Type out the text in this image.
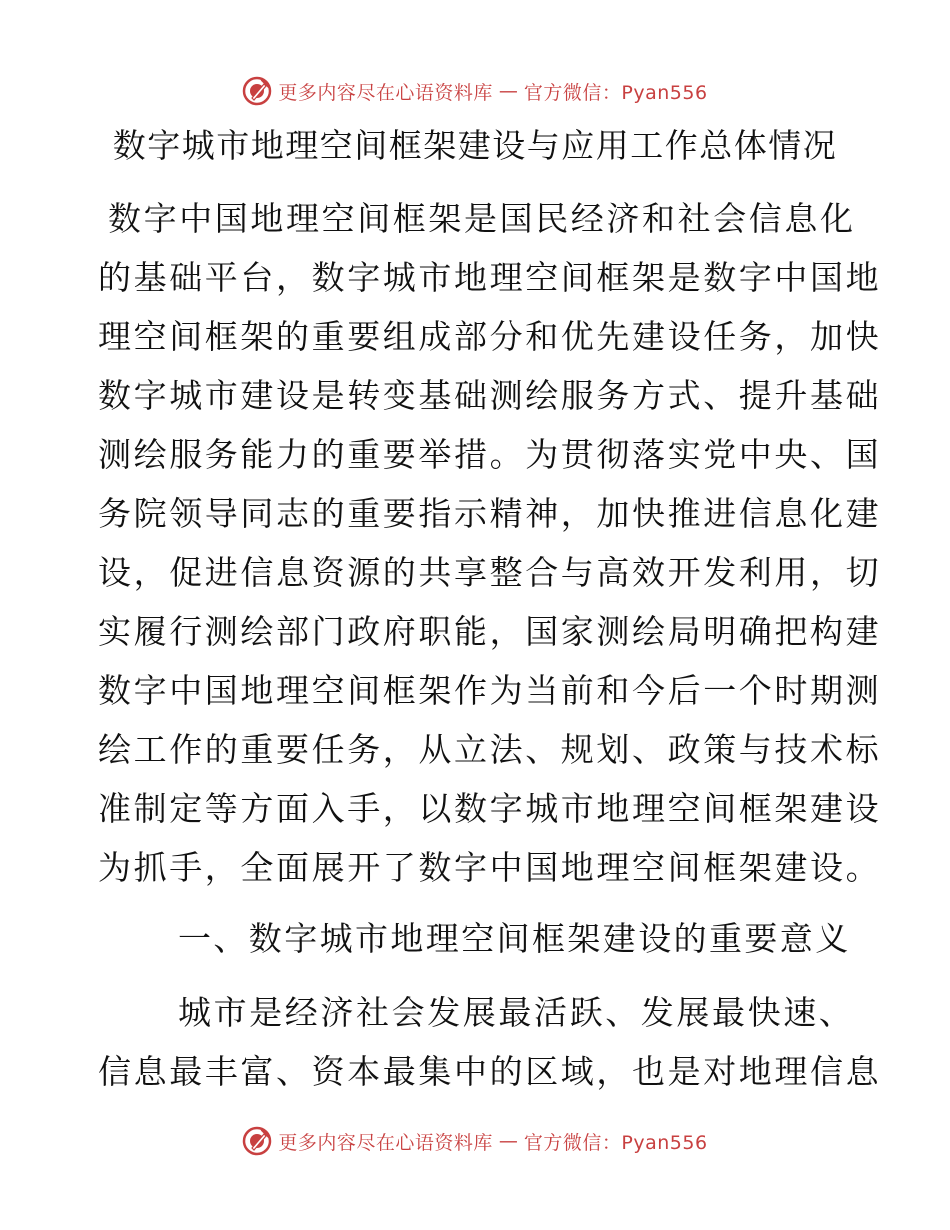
更多内容尽在心语资料库 — 官方微信：Pyan556
数字城市地理空间框架建设与应用工作总体情况

数字中国地理空间框架是国民经济和社会信息化

的基础平台，数字城市地理空间框架是数字中国地

理空间框架的重要组成部分和优先建设任务，加快

数字城市建设是转变基础测绘服务方式、提升基础

测绘服务能力的重要举措。为贯彻落实党中央、国

务院领导同志的重要指示精神，加快推进信息化建

设，促进信息资源的共享整合与高效开发利用，切

实履行测绘部门政府职能，国家测绘局明确把构建

数字中国地理空间框架作为当前和今后一个时期测

绘工作的重要任务，从立法、规划、政策与技术标

准制定等方面入手，以数字城市地理空间框架建设

为抓手，全面展开了数字中国地理空间框架建设。

一、数字城市地理空间框架建设的重要意义

城市是经济社会发展最活跃、发展最快速、

信息最丰富、资本最集中的区域，也是对地理信息

更多内容尽在心语资料库 — 官方微信：Pyan556
